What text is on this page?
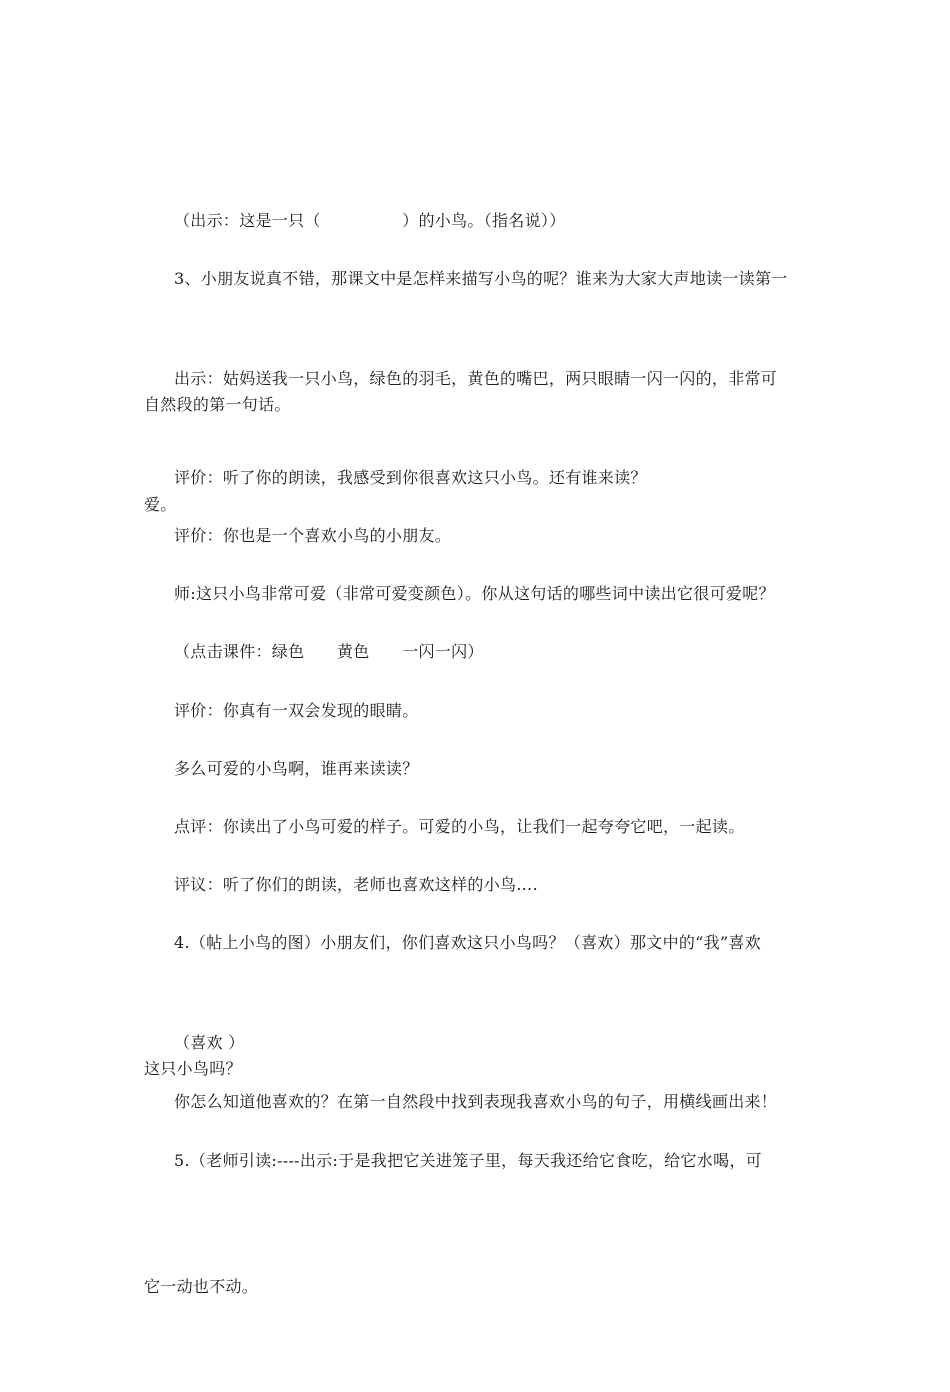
（出示：这是一只（　　　　　）的小鸟。（指名说））

3、小朋友说真不错，那课文中是怎样来描写小鸟的呢？谁来为大家大声地读一读第一

自然段的第一句话。

出示：姑妈送我一只小鸟，绿色的羽毛，黄色的嘴巴，两只眼睛一闪一闪的，非常可

爱。

评价：听了你的朗读，我感受到你很喜欢这只小鸟。还有谁来读？

评价：你也是一个喜欢小鸟的小朋友。

师:这只小鸟非常可爱（非常可爱变颜色）。你从这句话的哪些词中读出它很可爱呢？

（点击课件：绿色　　黄色　　一闪一闪）

评价：你真有一双会发现的眼睛。

多么可爱的小鸟啊，谁再来读读？

点评：你读出了小鸟可爱的样子。可爱的小鸟，让我们一起夸夸它吧，一起读。

评议：听了你们的朗读，老师也喜欢这样的小鸟….

4.（帖上小鸟的图）小朋友们，你们喜欢这只小鸟吗？（喜欢）那文中的“我”喜欢

这只小鸟吗？

（喜欢 ）

你怎么知道他喜欢的？在第一自然段中找到表现我喜欢小鸟的句子，用横线画出来！

5.（老师引读:----出示:于是我把它关进笼子里，每天我还给它食吃，给它水喝，可

它一动也不动。
